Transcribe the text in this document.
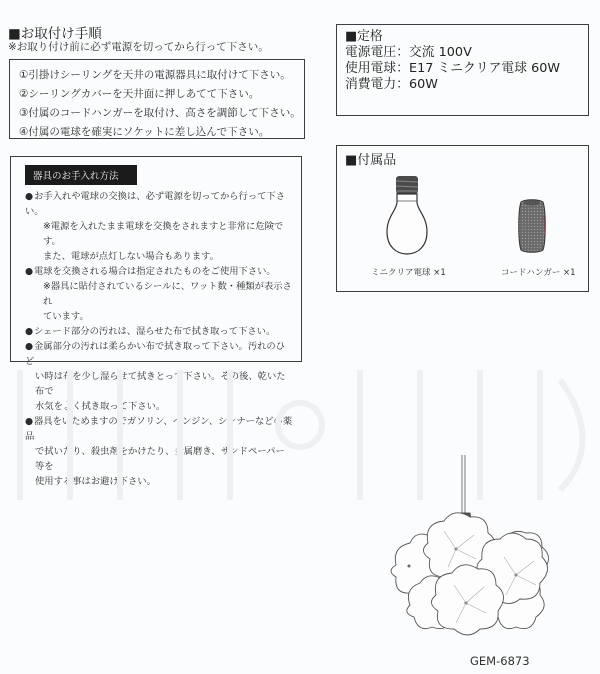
■お取付け手順
※お取り付け前に必ず電源を切ってから行って下さい。
①引掛けシーリングを天井の電源器具に取付けて下さい。
②シーリングカバーを天井面に押しあてて下さい。
③付属のコードハンガーを取付け、高さを調節して下さい。
④付属の電球を確実にソケットに差し込んで下さい。
器具のお手入れ方法
●お手入れや電球の交換は、必ず電源を切ってから行って下さい。
※電源を入れたまま電球を交換をされますと非常に危険です。
また、電球が点灯しない場合もあります。
●電球を交換される場合は指定されたものをご使用下さい。
※器具に貼付されているシールに、ワット数・種類が表示され
ています。
●シェード部分の汚れは、湿らせた布で拭き取って下さい。
●金属部分の汚れは柔らかい布で拭き取って下さい。汚れのひど
い時は布を少し湿らせて拭きとって下さい。その後、乾いた布で
水気をよく拭き取って下さい。
●器具をいためますのでガソリン、ベンジン、シンナーなどの薬品
で拭いたり、殺虫剤をかけたり、金属磨き、サンドペーパー等を
使用する事はお避け下さい。
■定格
電源電圧：交流 100V
使用電球：E17 ミニクリア電球 60W
消費電力：60W
■付属品
ミニクリア電球 ×1	コードハンガー ×1
GEM-6873
